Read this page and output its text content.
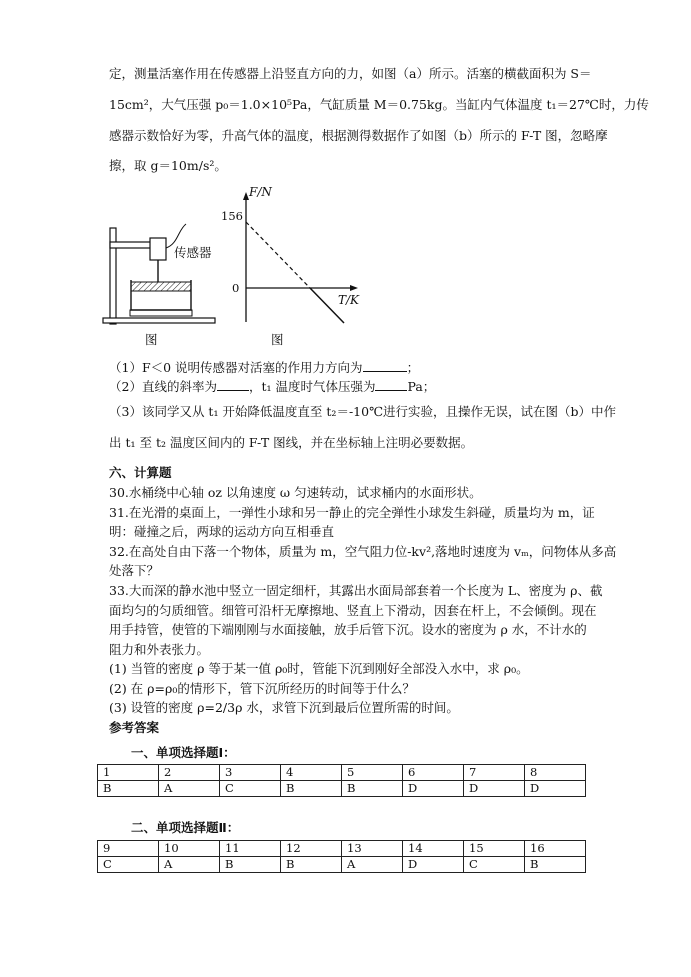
定，测量活塞作用在传感器上沿竖直方向的力，如图（a）所示。活塞的横截面积为 S＝
15cm²，大气压强 p₀＝1.0×10⁵Pa，气缸质量 M＝0.75kg。当缸内气体温度 t₁＝27℃时，力传
感器示数恰好为零，升高气体的温度，根据测得数据作了如图（b）所示的 F-T 图，忽略摩
擦，取 g＝10m/s²。
传感器
图
F/N
T/K
156
0
图
（1）F＜0 说明传感器对活塞的作用力方向为	；
（2）直线的斜率为	，t₁ 温度时气体压强为	Pa；
（3）该同学又从 t₁ 开始降低温度直至 t₂＝-10℃进行实验，且操作无误，试在图（b）中作
出 t₁ 至 t₂ 温度区间内的 F-T 图线，并在坐标轴上注明必要数据。
六、计算题
30.水桶绕中心轴 oz 以角速度 ω 匀速转动，试求桶内的水面形状。
31.在光滑的桌面上，一弹性小球和另一静止的完全弹性小球发生斜碰，质量均为 m，证
明：碰撞之后，两球的运动方向互相垂直
32.在高处自由下落一个物体，质量为 m，空气阻力位-kv²,落地时速度为 vₘ，问物体从多高
处落下？
33.大而深的静水池中竖立一固定细杆，其露出水面局部套着一个长度为 L、密度为 ρ、截
面均匀的匀质细管。细管可沿杆无摩擦地、竖直上下滑动，因套在杆上，不会倾倒。现在
用手持管，使管的下端刚刚与水面接触，放手后管下沉。设水的密度为 ρ 水，不计水的
阻力和外表张力。
(1) 当管的密度 ρ 等于某一值 ρ₀时，管能下沉到刚好全部没入水中，求 ρ₀。
(2) 在 ρ=ρ₀的情形下，管下沉所经历的时间等于什么？
(3) 设管的密度 ρ=2/3ρ 水，求管下沉到最后位置所需的时间。
参考答案
一、单项选择题Ⅰ：
1	2	3	4	5	6	7	8
B	A	C	B	B	D	D	D
二、单项选择题Ⅱ：
9	10	11	12	13	14	15	16
C	A	B	B	A	D	C	B
